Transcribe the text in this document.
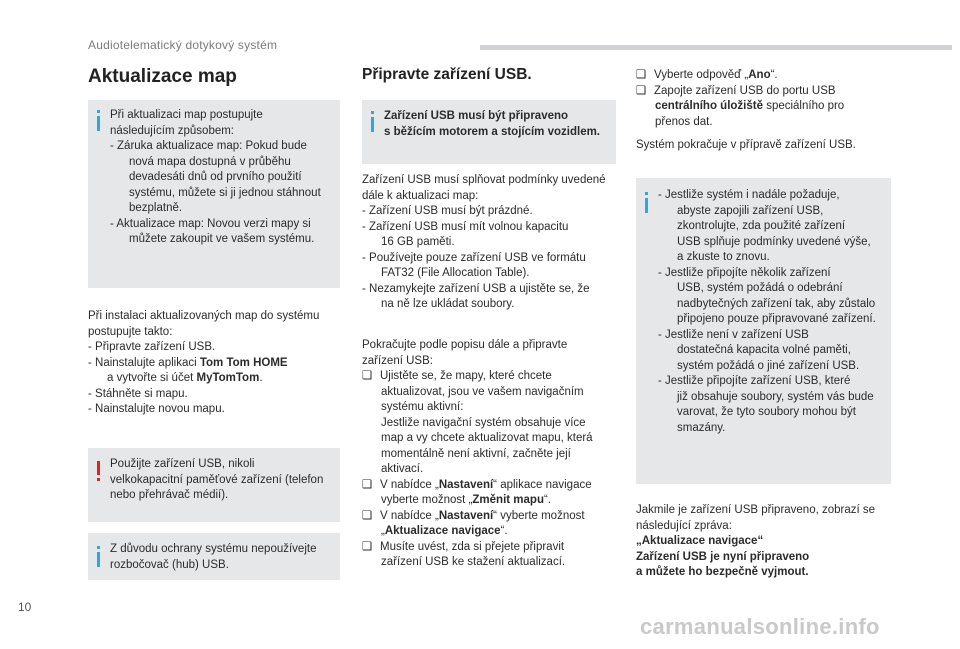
Audiotelematický dotykový systém
Aktualizace map
Při aktualizaci map postupujte
následujícím způsobem:
- Záruka aktualizace map: Pokud bude
nová mapa dostupná v průběhu
devadesáti dnů od prvního použití
systému, můžete si ji jednou stáhnout
bezplatně.
- Aktualizace map: Novou verzi mapy si
můžete zakoupit ve vašem systému.
Při instalaci aktualizovaných map do systému
postupujte takto:
- Připravte zařízení USB.
- Nainstalujte aplikaci Tom Tom HOME
a vytvořte si účet MyTomTom.
- Stáhněte si mapu.
- Nainstalujte novou mapu.
Použijte zařízení USB, nikoli
velkokapacitní paměťové zařízení (telefon
nebo přehrávač médií).
Z důvodu ochrany systému nepoužívejte
rozbočovač (hub) USB.
Připravte zařízení USB.
Zařízení USB musí být připraveno
s běžícím motorem a stojícím vozidlem.
Zařízení USB musí splňovat podmínky uvedené
dále k aktualizaci map:
- Zařízení USB musí být prázdné.
- Zařízení USB musí mít volnou kapacitu
16 GB paměti.
- Používejte pouze zařízení USB ve formátu
FAT32 (File Allocation Table).
- Nezamykejte zařízení USB a ujistěte se, že
na ně lze ukládat soubory.
Pokračujte podle popisu dále a připravte
zařízení USB:
❑ Ujistěte se, že mapy, které chcete
aktualizovat, jsou ve vašem navigačním
systému aktivní:
Jestliže navigační systém obsahuje více
map a vy chcete aktualizovat mapu, která
momentálně není aktivní, začněte její
aktivací.
❑ V nabídce „Nastavení“ aplikace navigace
vyberte možnost „Změnit mapu“.
❑ V nabídce „Nastavení“ vyberte možnost
„Aktualizace navigace“.
❑ Musíte uvést, zda si přejete připravit
zařízení USB ke stažení aktualizací.
❑ Vyberte odpověď „Ano“.
❑ Zapojte zařízení USB do portu USB
centrálního úložiště speciálního pro
přenos dat.
Systém pokračuje v přípravě zařízení USB.
- Jestliže systém i nadále požaduje,
abyste zapojili zařízení USB,
zkontrolujte, zda použité zařízení
USB splňuje podmínky uvedené výše,
a zkuste to znovu.
- Jestliže připojíte několik zařízení
USB, systém požádá o odebrání
nadbytečných zařízení tak, aby zůstalo
připojeno pouze připravované zařízení.
- Jestliže není v zařízení USB
dostatečná kapacita volné paměti,
systém požádá o jiné zařízení USB.
- Jestliže připojíte zařízení USB, které
již obsahuje soubory, systém vás bude
varovat, že tyto soubory mohou být
smazány.
Jakmile je zařízení USB připraveno, zobrazí se
následující zpráva:
„Aktualizace navigace“
Zařízení USB je nyní připraveno
a můžete ho bezpečně vyjmout.
10
carmanualsonline.info
